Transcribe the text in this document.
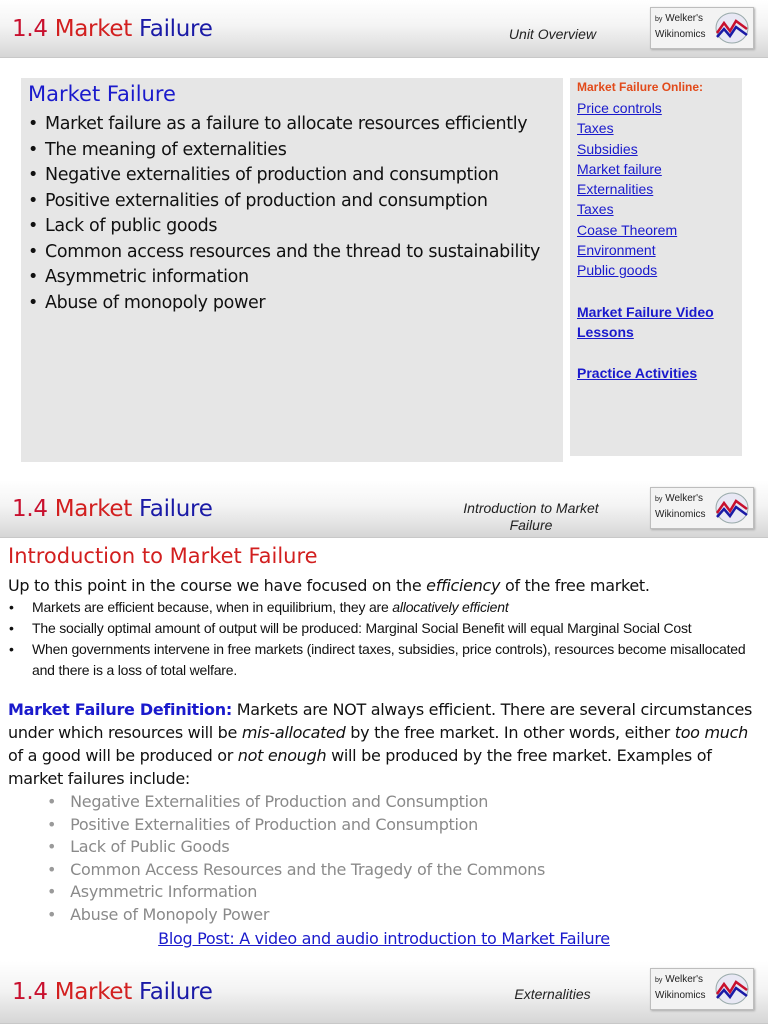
1.4 Market Failure	Unit Overview
by Welker's
Wikinomics
Market Failure
• Market failure as a failure to allocate resources efficiently
• The meaning of externalities
• Negative externalities of production and consumption
• Positive externalities of production and consumption
• Lack of public goods
• Common access resources and the thread to sustainability
• Asymmetric information
• Abuse of monopoly power
Market Failure Online:
Price controls
Taxes
Subsidies
Market failure
Externalities
Taxes
Coase Theorem
Environment
Public goods
Market Failure Video
Lessons
Practice Activities
1.4 Market Failure	Introduction to Market
Failure
by Welker's
Wikinomics
Introduction to Market Failure
Up to this point in the course we have focused on the efficiency of the free market.
• Markets are efficient because, when in equilibrium, they are allocatively efficient
• The socially optimal amount of output will be produced: Marginal Social Benefit will equal Marginal Social Cost
• When governments intervene in free markets (indirect taxes, subsidies, price controls), resources become misallocated and there is a loss of total welfare.
Market Failure Definition: Markets are NOT always efficient. There are several circumstances under which resources will be mis-allocated by the free market. In other words, either too much of a good will be produced or not enough will be produced by the free market. Examples of market failures include:
• Negative Externalities of Production and Consumption
• Positive Externalities of Production and Consumption
• Lack of Public Goods
• Common Access Resources and the Tragedy of the Commons
• Asymmetric Information
• Abuse of Monopoly Power
Blog Post: A video and audio introduction to Market Failure
1.4 Market Failure	Externalities
by Welker's
Wikinomics
